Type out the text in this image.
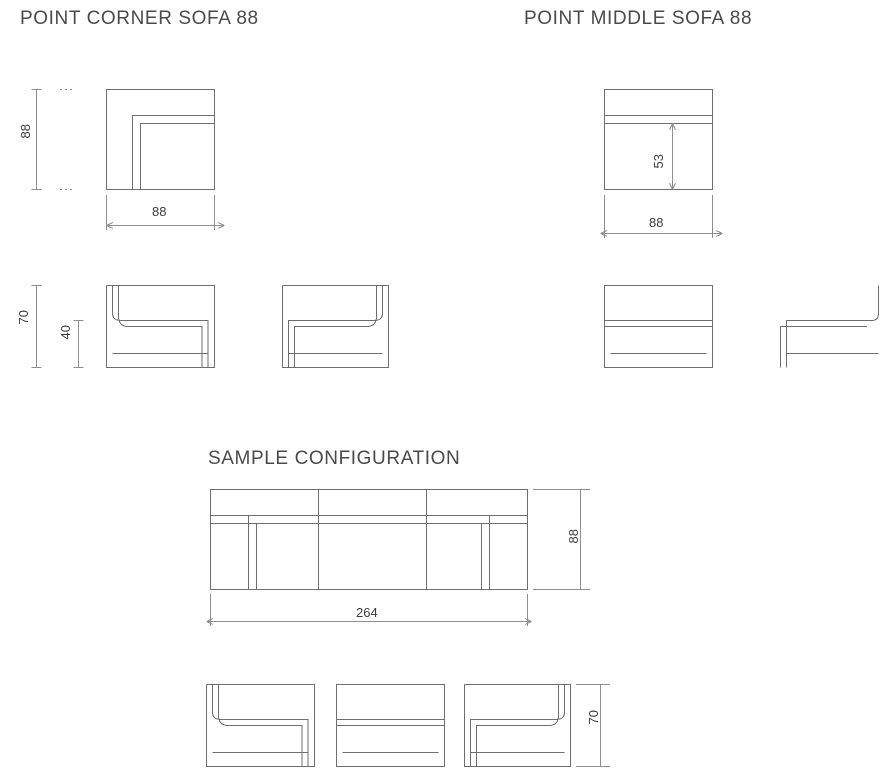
POINT CORNER SOFA 88	POINT MIDDLE SOFA 88
SAMPLE CONFIGURATION
88
88
70
40
53
88
88
264
70
